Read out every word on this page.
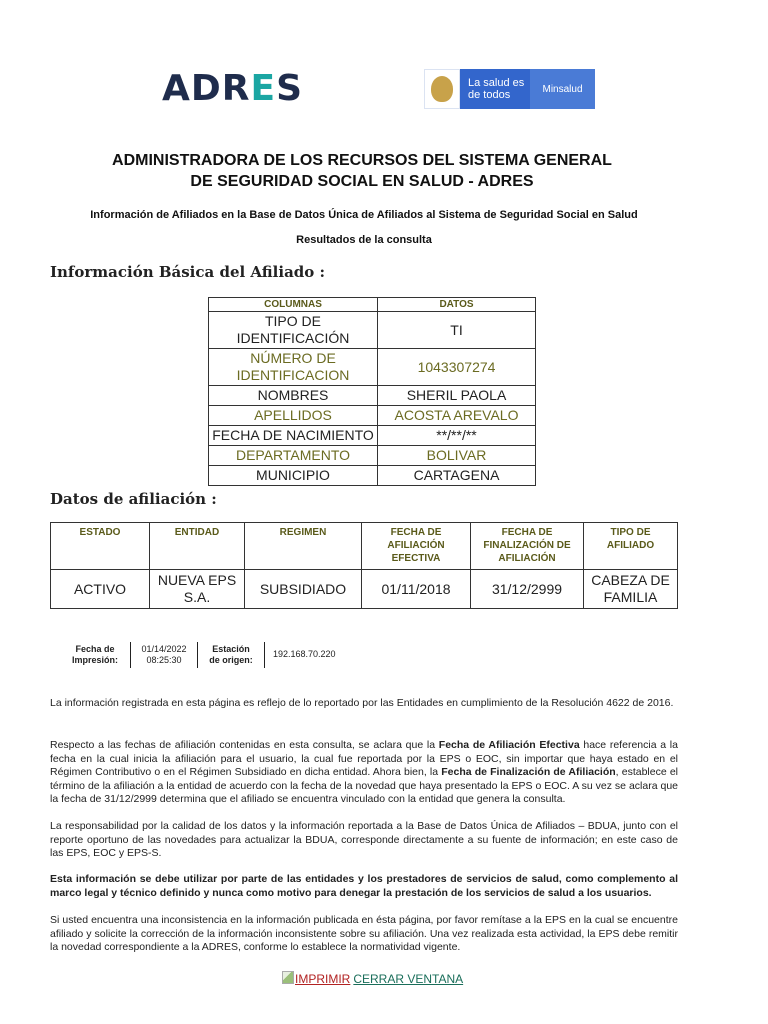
ADRES	La salud es de todos	Minsalud
ADMINISTRADORA DE LOS RECURSOS DEL SISTEMA GENERAL
DE SEGURIDAD SOCIAL EN SALUD - ADRES
Información de Afiliados en la Base de Datos Única de Afiliados al Sistema de Seguridad Social en Salud
Resultados de la consulta
Información Básica del Afiliado :
COLUMNAS	DATOS
TIPO DE IDENTIFICACIÓN	TI
NÚMERO DE IDENTIFICACION	1043307274
NOMBRES	SHERIL PAOLA
APELLIDOS	ACOSTA AREVALO
FECHA DE NACIMIENTO	**/**/**
DEPARTAMENTO	BOLIVAR
MUNICIPIO	CARTAGENA
Datos de afiliación :
ESTADO	ENTIDAD	REGIMEN	FECHA DE AFILIACIÓN EFECTIVA	FECHA DE FINALIZACIÓN DE AFILIACIÓN	TIPO DE AFILIADO
ACTIVO	NUEVA EPS S.A.	SUBSIDIADO	01/11/2018	31/12/2999	CABEZA DE FAMILIA
Fecha de Impresión:
01/14/2022 08:25:30
Estación de origen:
192.168.70.220
La información registrada en esta página es reflejo de lo reportado por las Entidades en cumplimiento de la Resolución 4622 de 2016.
Respecto a las fechas de afiliación contenidas en esta consulta, se aclara que la Fecha de Afiliación Efectiva hace referencia a la fecha en la cual inicia la afiliación para el usuario, la cual fue reportada por la EPS o EOC, sin importar que haya estado en el Régimen Contributivo o en el Régimen Subsidiado en dicha entidad. Ahora bien, la Fecha de Finalización de Afiliación, establece el término de la afiliación a la entidad de acuerdo con la fecha de la novedad que haya presentado la EPS o EOC. A su vez se aclara que la fecha de 31/12/2999 determina que el afiliado se encuentra vinculado con la entidad que genera la consulta.
La responsabilidad por la calidad de los datos y la información reportada a la Base de Datos Única de Afiliados – BDUA, junto con el reporte oportuno de las novedades para actualizar la BDUA, corresponde directamente a su fuente de información; en este caso de las EPS, EOC y EPS-S.
Esta información se debe utilizar por parte de las entidades y los prestadores de servicios de salud, como complemento al marco legal y técnico definido y nunca como motivo para denegar la prestación de los servicios de salud a los usuarios.
Si usted encuentra una inconsistencia en la información publicada en ésta página, por favor remítase a la EPS en la cual se encuentre afiliado y solicite la corrección de la información inconsistente sobre su afiliación. Una vez realizada esta actividad, la EPS debe remitir la novedad correspondiente a la ADRES, conforme lo establece la normatividad vigente.
IMPRIMIR CERRAR VENTANA
